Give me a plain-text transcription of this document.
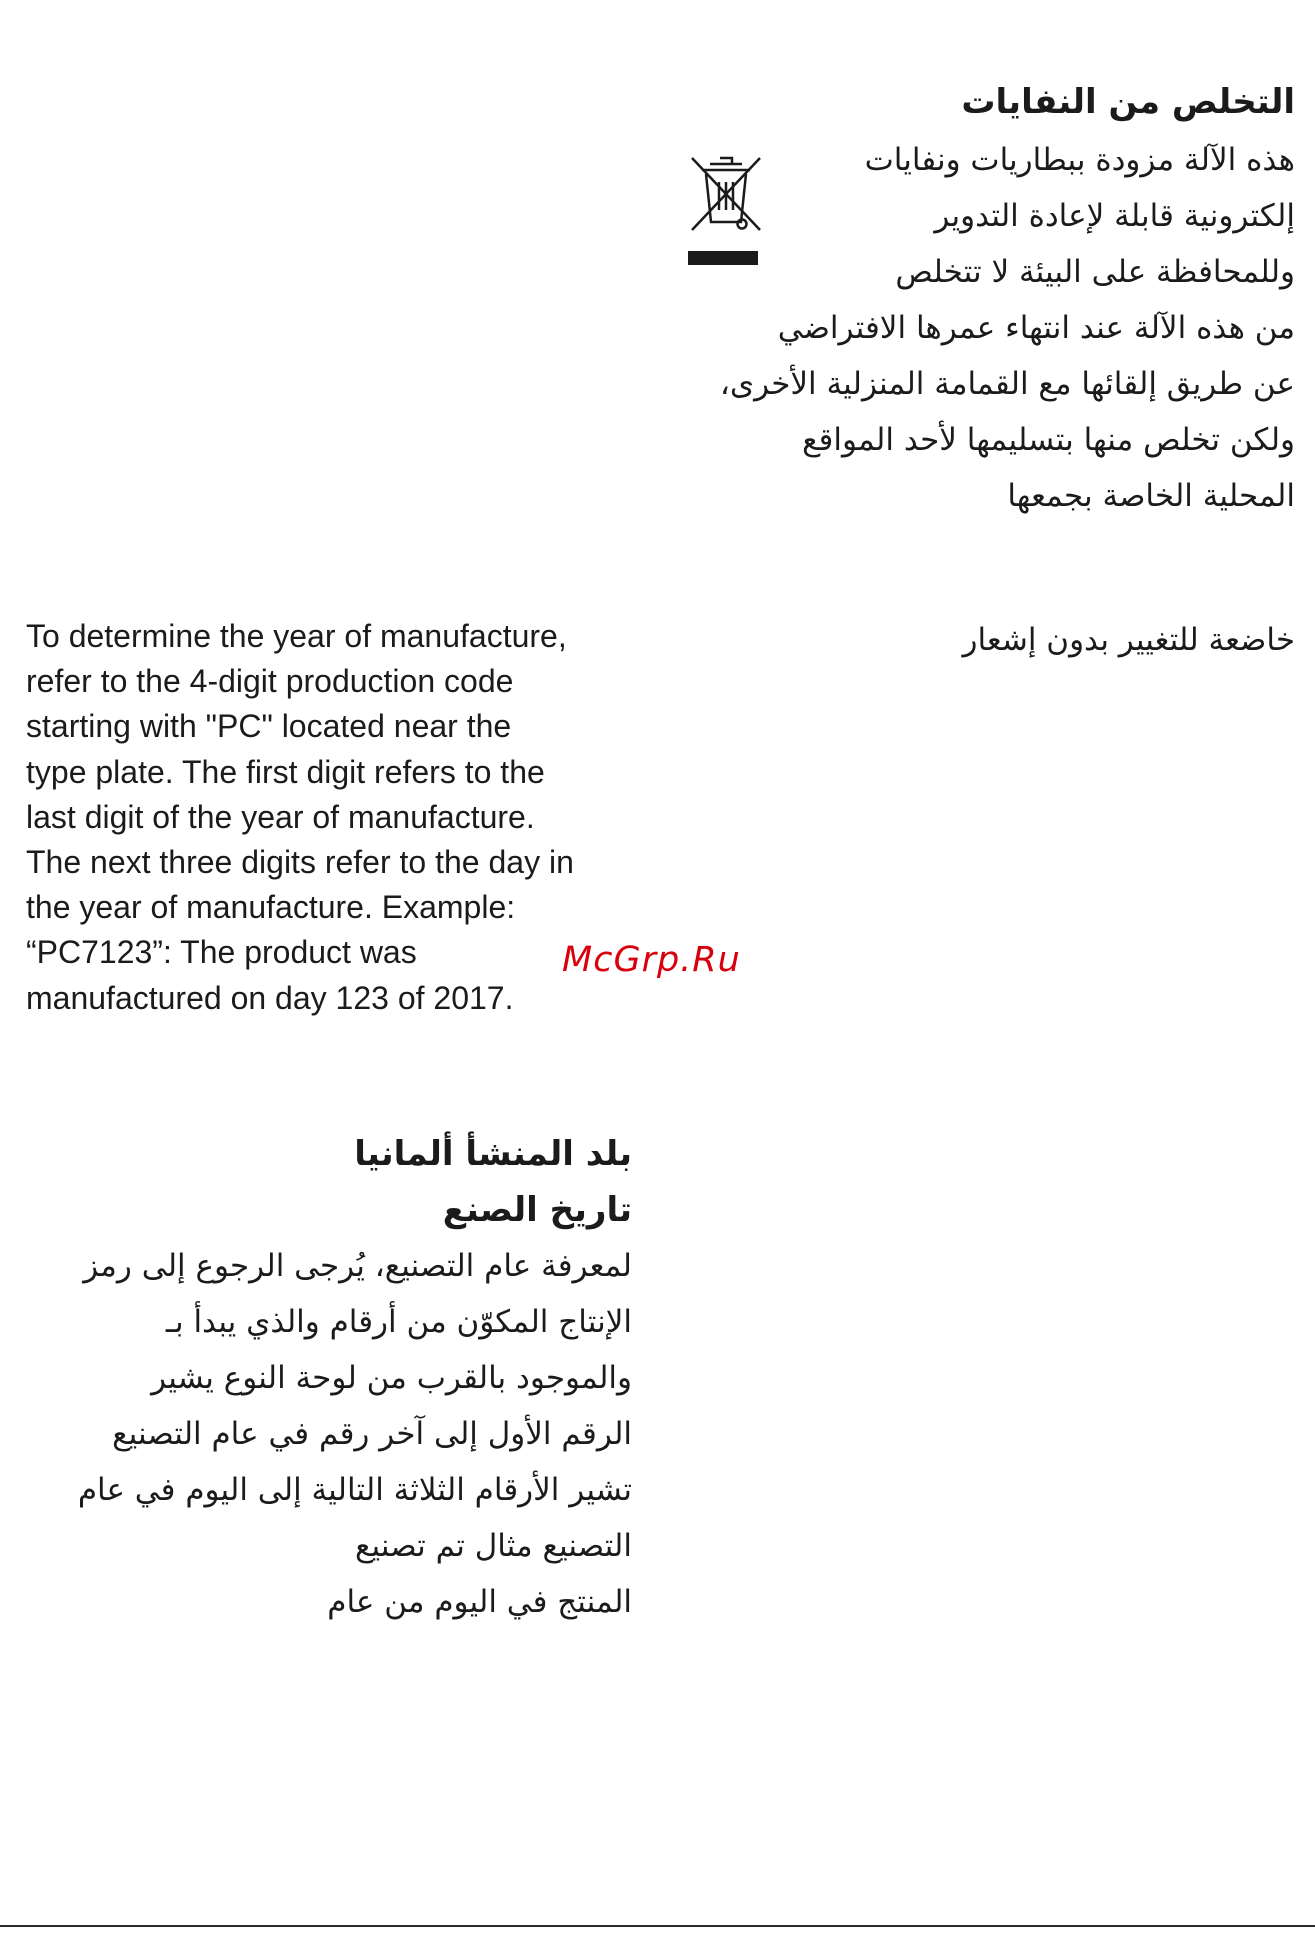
التخلص من النفايات
هذه الآلة مزودة ببطاريات ونفايات
إلكترونية قابلة لإعادة التدوير
وللمحافظة على البيئة لا تتخلص
من هذه الآلة عند انتهاء عمرها الافتراضي
عن طريق إلقائها مع القمامة المنزلية الأخرى،
ولكن تخلص منها بتسليمها لأحد المواقع
المحلية الخاصة بجمعها
خاضعة للتغيير بدون إشعار
To determine the year of manufacture,
refer to the 4-digit production code
starting with "PC" located near the
type plate. The first digit refers to the
last digit of the year of manufacture.
The next three digits refer to the day in
the year of manufacture. Example:
“PC7123”: The product was
manufactured on day 123 of 2017.
McGrp.Ru
بلد المنشأ ألمانيا
تاريخ الصنع
لمعرفة عام التصنيع، يُرجى الرجوع إلى رمز
الإنتاج المكوّن من أرقام والذي يبدأ بـ
والموجود بالقرب من لوحة النوع يشير
الرقم الأول إلى آخر رقم في عام التصنيع
تشير الأرقام الثلاثة التالية إلى اليوم في عام
التصنيع مثال تم تصنيع
المنتج في اليوم من عام
